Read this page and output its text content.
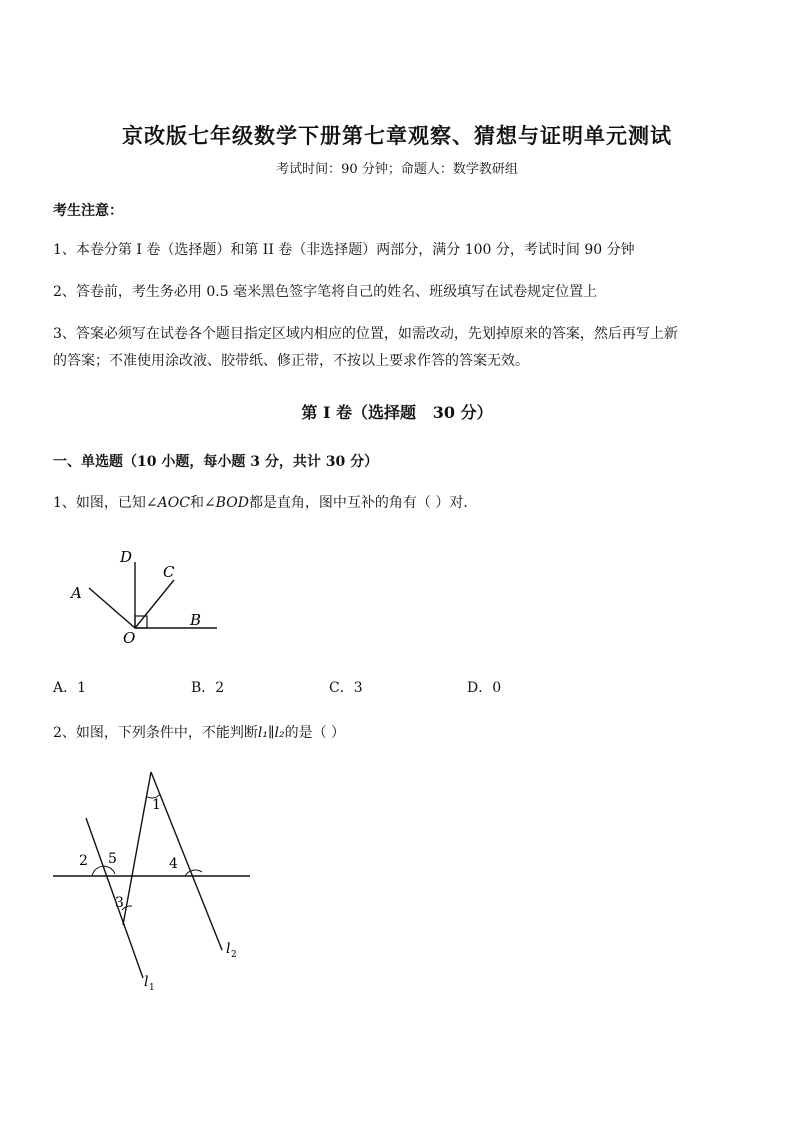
京改版七年级数学下册第七章观察、猜想与证明单元测试
考试时间：90 分钟；命题人：数学教研组
考生注意：
1、本卷分第 I 卷（选择题）和第 II 卷（非选择题）两部分，满分 100 分，考试时间 90 分钟
2、答卷前，考生务必用 0.5 毫米黑色签字笔将自己的姓名、班级填写在试卷规定位置上
3、答案必须写在试卷各个题目指定区域内相应的位置，如需改动，先划掉原来的答案，然后再写上新
的答案；不准使用涂改液、胶带纸、修正带，不按以上要求作答的答案无效。
第 I 卷（选择题   30 分）
一、单选题（10 小题，每小题 3 分，共计 30 分）
1、如图，已知∠AOC和∠BOD都是直角，图中互补的角有（ ）对．
D
C
A
B
O
A．1	B．2	C．3	D．0
2、如图，下列条件中，不能判断l₁∥l₂的是（ ）
1
2 5
3
4
l 2
l 1
